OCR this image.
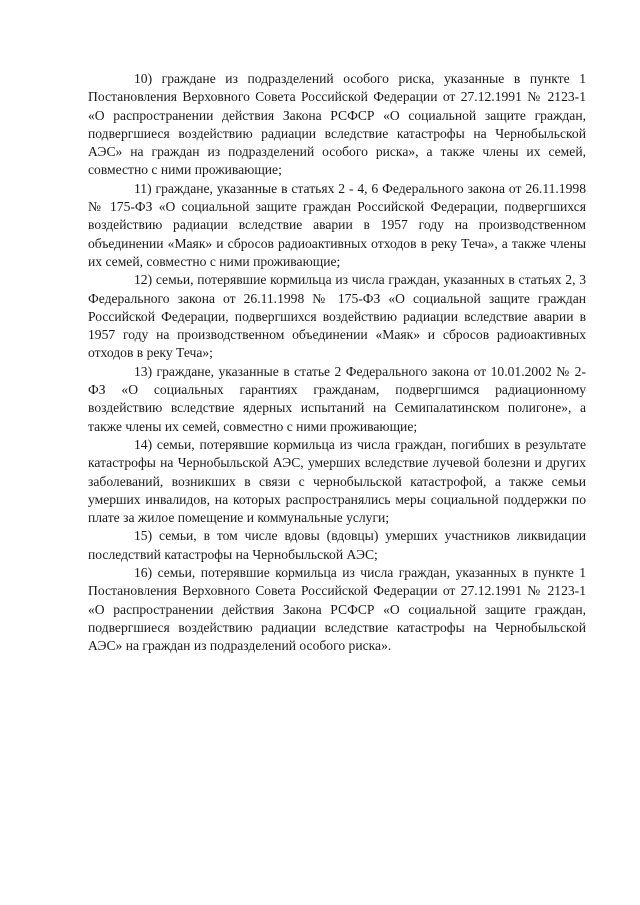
10) граждане из подразделений особого риска, указанные в пункте 1 Постановления Верховного Совета Российской Федерации от 27.12.1991 № 2123-1 «О распространении действия Закона РСФСР «О социальной защите граждан, подвергшиеся воздействию радиации вследствие катастрофы на Чернобыльской АЭС» на граждан из подразделений особого риска», а также члены их семей, совместно с ними проживающие;

11) граждане, указанные в статьях 2 - 4, 6 Федерального закона от 26.11.1998 № 175-ФЗ «О социальной защите граждан Российской Федерации, подвергшихся воздействию радиации вследствие аварии в 1957 году на производственном объединении «Маяк» и сбросов радиоактивных отходов в реку Теча», а также члены их семей, совместно с ними проживающие;

12) семьи, потерявшие кормильца из числа граждан, указанных в статьях 2, 3 Федерального закона от 26.11.1998 № 175-ФЗ «О социальной защите граждан Российской Федерации, подвергшихся воздействию радиации вследствие аварии в 1957 году на производственном объединении «Маяк» и сбросов радиоактивных отходов в реку Теча»;

13) граждане, указанные в статье 2 Федерального закона от 10.01.2002 № 2-ФЗ «О социальных гарантиях гражданам, подвергшимся радиационному воздействию вследствие ядерных испытаний на Семипалатинском полигоне», а также члены их семей, совместно с ними проживающие;

14) семьи, потерявшие кормильца из числа граждан, погибших в результате катастрофы на Чернобыльской АЭС, умерших вследствие лучевой болезни и других заболеваний, возникших в связи с чернобыльской катастрофой, а также семьи умерших инвалидов, на которых распространялись меры социальной поддержки по плате за жилое помещение и коммунальные услуги;

15) семьи, в том числе вдовы (вдовцы) умерших участников ликвидации последствий катастрофы на Чернобыльской АЭС;

16) семьи, потерявшие кормильца из числа граждан, указанных в пункте 1 Постановления Верховного Совета Российской Федерации от 27.12.1991 № 2123-1 «О распространении действия Закона РСФСР «О социальной защите граждан, подвергшиеся воздействию радиации вследствие катастрофы на Чернобыльской АЭС» на граждан из подразделений особого риска».
